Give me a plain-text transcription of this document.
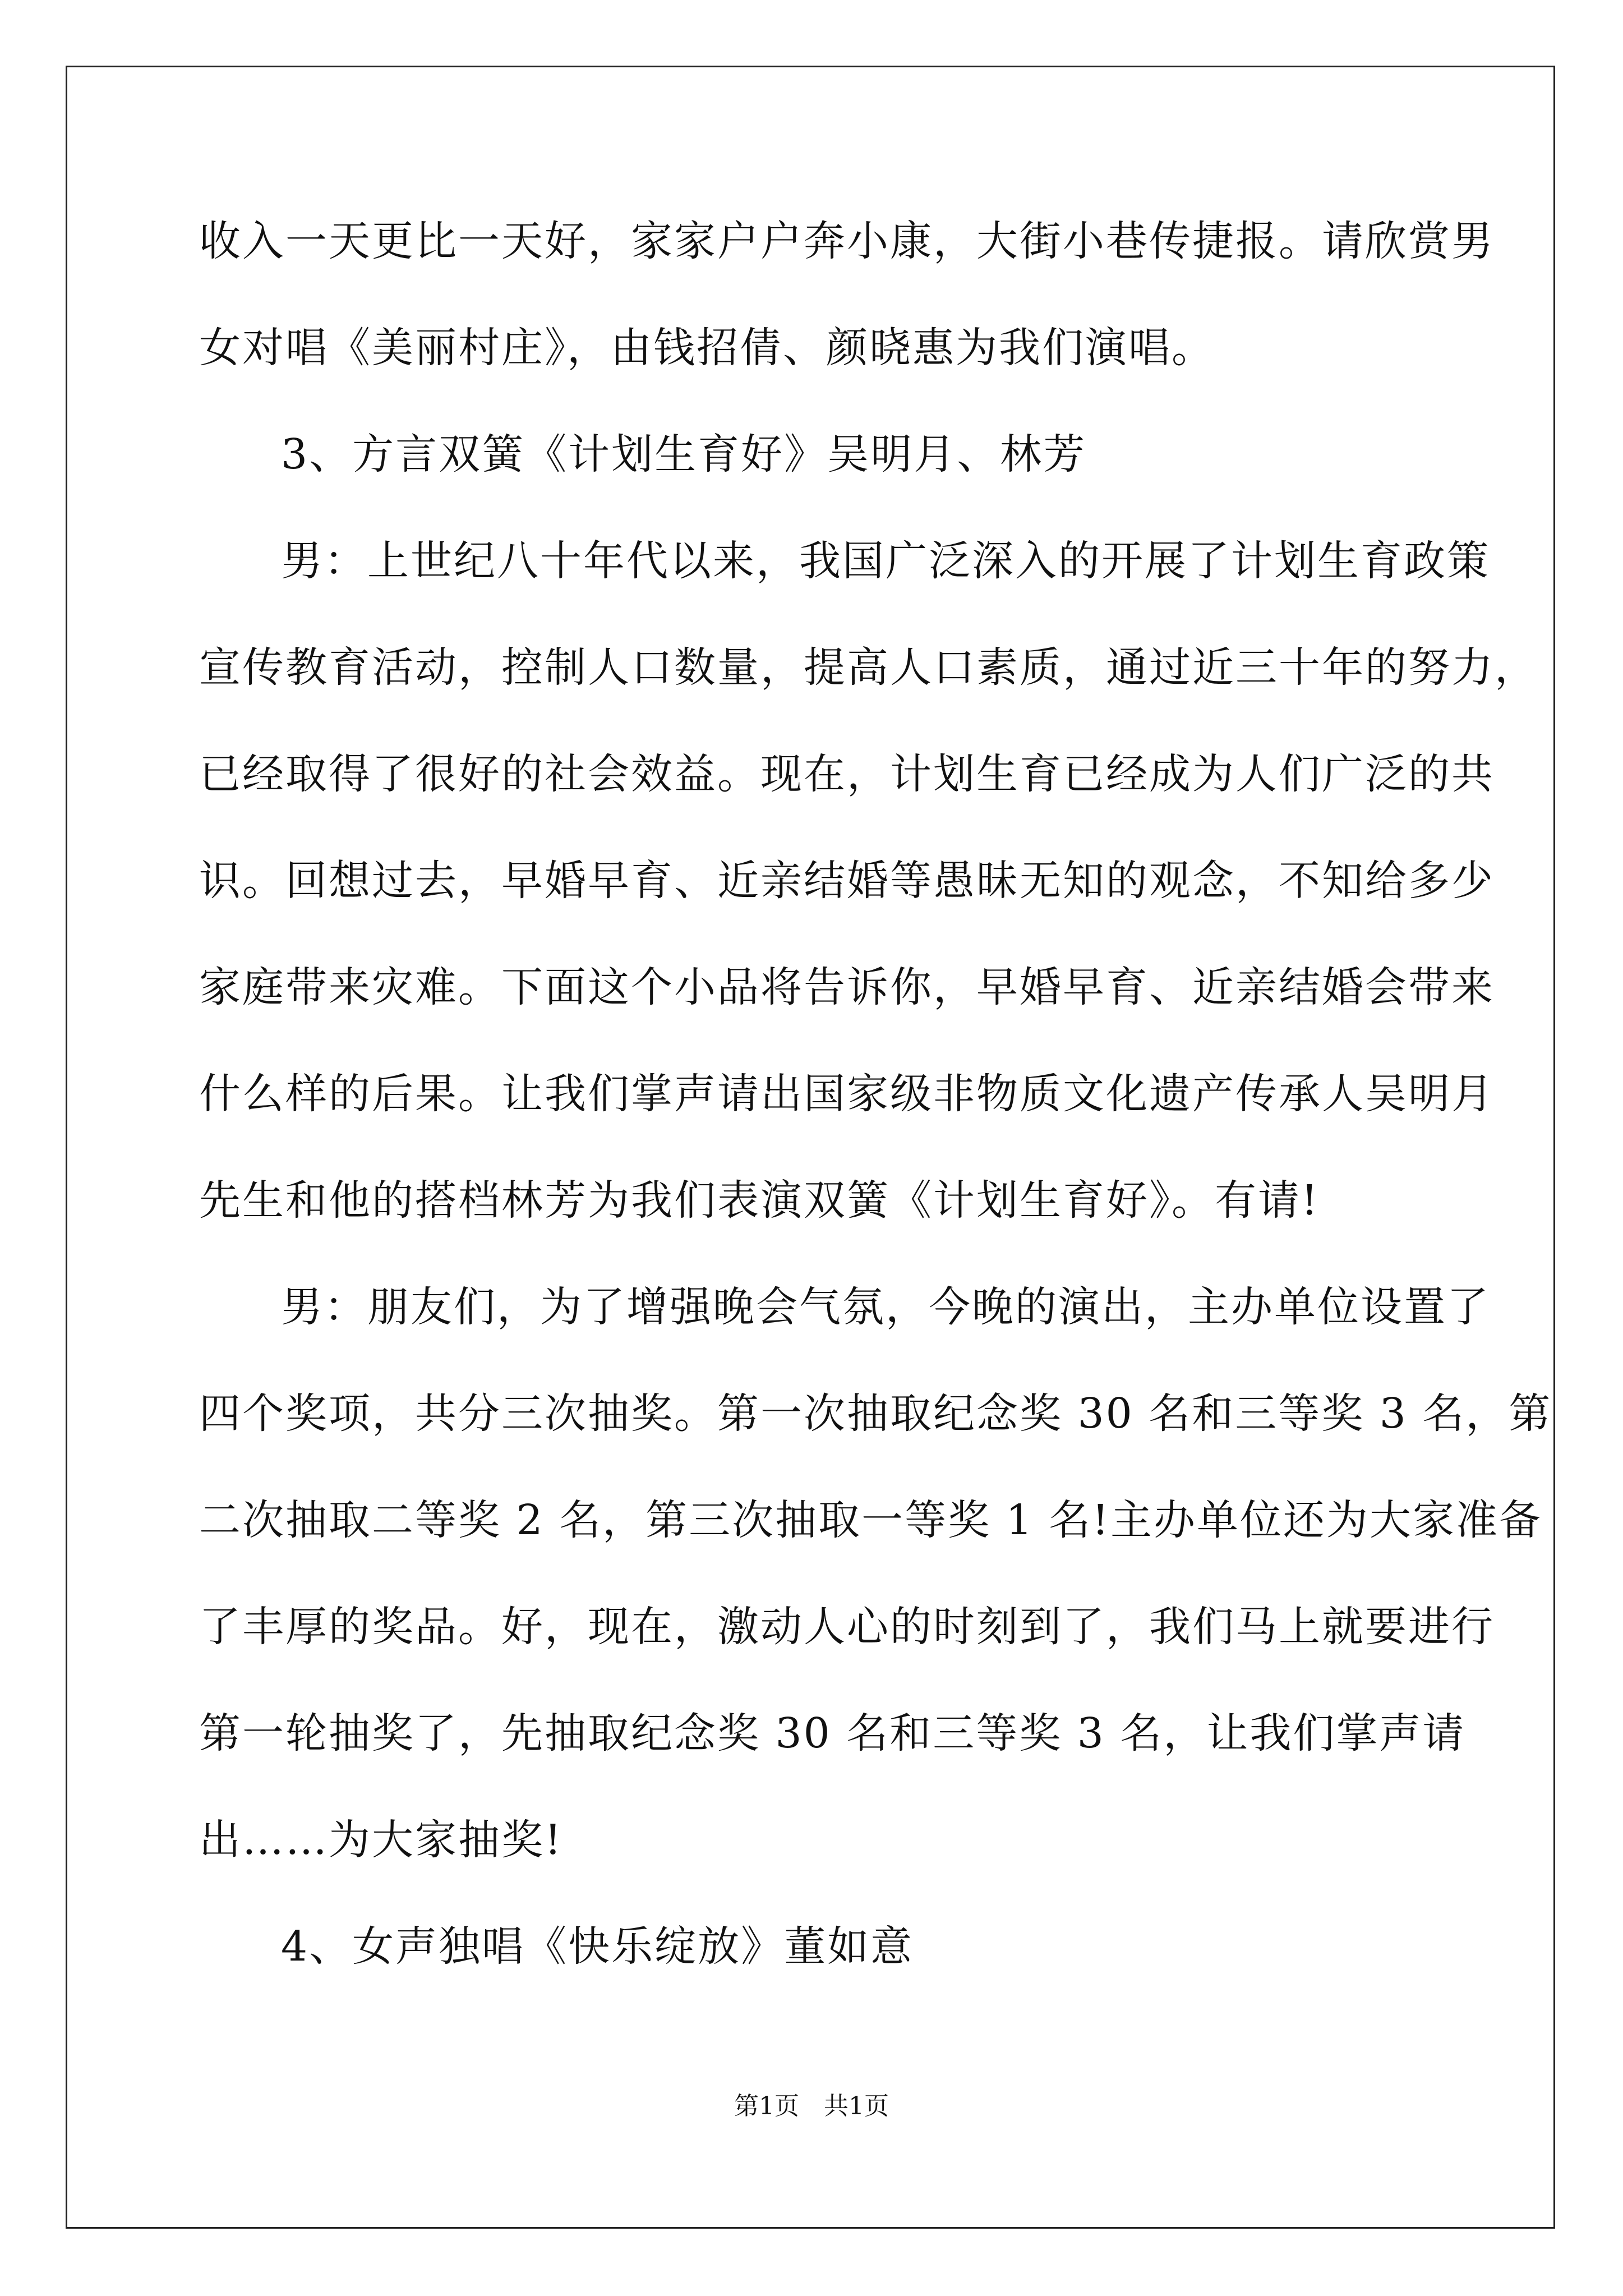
收入一天更比一天好，家家户户奔小康，大街小巷传捷报。请欣赏男
女对唱《美丽村庄》，由钱招倩、颜晓惠为我们演唱。
3、方言双簧《计划生育好》吴明月、林芳
男：上世纪八十年代以来，我国广泛深入的开展了计划生育政策
宣传教育活动，控制人口数量，提高人口素质，通过近三十年的努力，
已经取得了很好的社会效益。现在，计划生育已经成为人们广泛的共
识。回想过去，早婚早育、近亲结婚等愚昧无知的观念，不知给多少
家庭带来灾难。下面这个小品将告诉你，早婚早育、近亲结婚会带来
什么样的后果。让我们掌声请出国家级非物质文化遗产传承人吴明月
先生和他的搭档林芳为我们表演双簧《计划生育好》。有请!
男：朋友们，为了增强晚会气氛，今晚的演出，主办单位设置了
四个奖项，共分三次抽奖。第一次抽取纪念奖 30 名和三等奖 3 名，第
二次抽取二等奖 2 名，第三次抽取一等奖 1 名!主办单位还为大家准备
了丰厚的奖品。好，现在，激动人心的时刻到了，我们马上就要进行
第一轮抽奖了，先抽取纪念奖 30 名和三等奖 3 名，让我们掌声请
出……为大家抽奖!
4、女声独唱《快乐绽放》董如意
第1页　共1页
